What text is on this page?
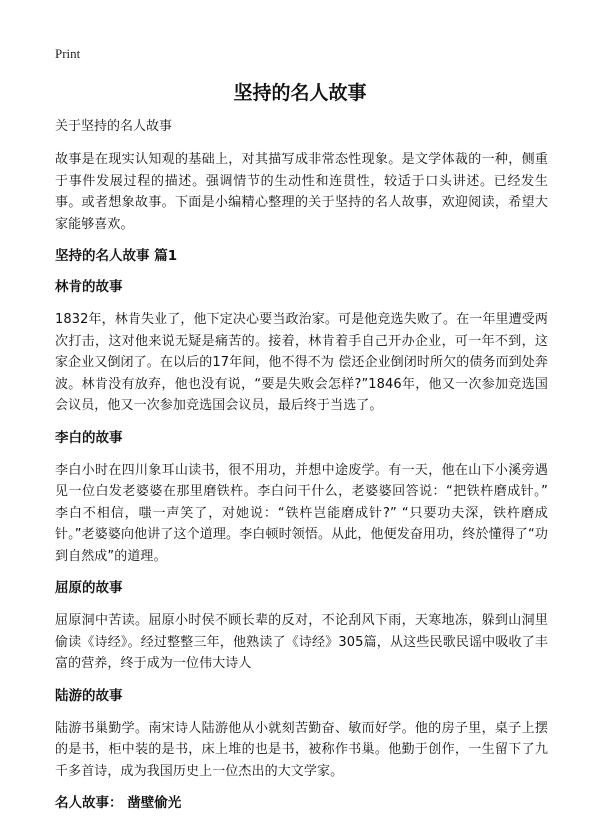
Print
坚持的名人故事
关于坚持的名人故事

故事是在现实认知观的基础上，对其描写成非常态性现象。是文学体裁的一种，侧重于事件发展过程的描述。强调情节的生动性和连贯性，较适于口头讲述。已经发生事。或者想象故事。下面是小编精心整理的关于坚持的名人故事，欢迎阅读，希望大家能够喜欢。

坚持的名人故事 篇1
林肯的故事

1832年，林肯失业了，他下定决心要当政治家。可是他竞选失败了。在一年里遭受两次打击，这对他来说无疑是痛苦的。接着，林肯着手自己开办企业，可一年不到，这家企业又倒闭了。在以后的17年间，他不得不为 偿还企业倒闭时所欠的债务而到处奔波。林肯没有放弃，他也没有说，“要是失败会怎样?”1846年，他又一次参加竞选国会议员，他又一次参加竞选国会议员，最后终于当选了。

李白的故事

李白小时在四川象耳山读书，很不用功，并想中途废学。有一天，他在山下小溪旁遇见一位白发老婆婆在那里磨铁杵。李白问干什么，老婆婆回答说：“把铁杵磨成针。” 李白不相信，嗤一声笑了，对她说：“铁杵岂能磨成针?” “只要功夫深，铁杵磨成针。”老婆婆向他讲了这个道理。李白顿时领悟。从此，他便发奋用功，终於懂得了“功到自然成”的道理。

屈原的故事

屈原洞中苦读。屈原小时侯不顾长辈的反对，不论刮风下雨，天寒地冻，躲到山洞里偷读《诗经》。经过整整三年，他熟读了《诗经》305篇，从这些民歌民谣中吸收了丰富的营养，终于成为一位伟大诗人

陆游的故事

陆游书巢勤学。南宋诗人陆游他从小就刻苦勤奋、敏而好学。他的房子里，桌子上摆的是书，柜中装的是书，床上堆的也是书，被称作书巢。他勤于创作，一生留下了九千多首诗，成为我国历史上一位杰出的大文学家。

名人故事： 凿壁偷光
